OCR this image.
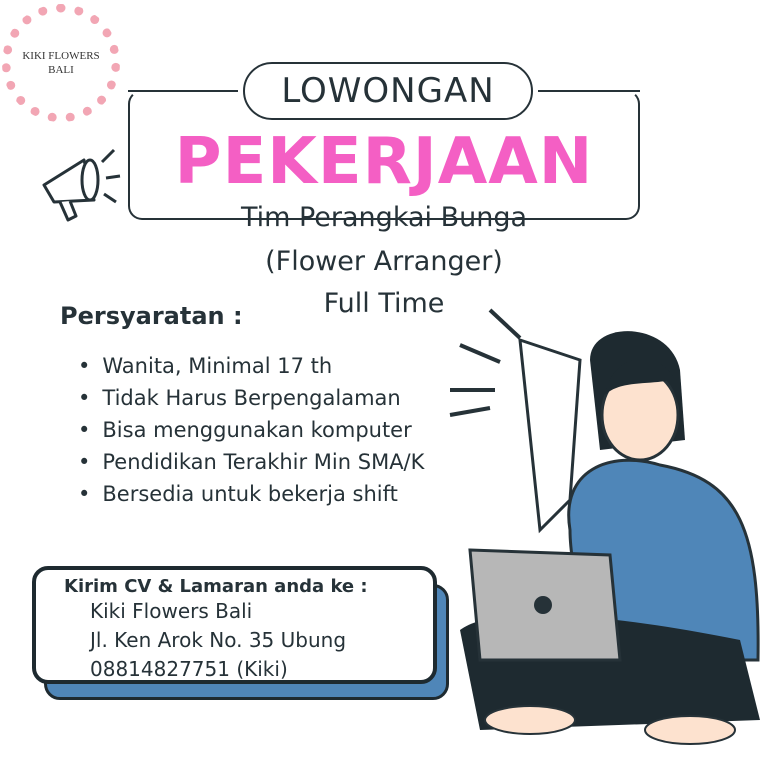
KIKI FLOWERS
BALI
LOWONGAN
PEKERJAAN
Tim Perangkai Bunga
(Flower Arranger)
Full Time
Persyaratan :
• Wanita, Minimal 17 th
• Tidak Harus Berpengalaman
• Bisa menggunakan komputer
• Pendidikan Terakhir Min SMA/K
• Bersedia untuk bekerja shift
Kirim CV & Lamaran anda ke :
Kiki Flowers Bali
Jl. Ken Arok No. 35 Ubung
08814827751 (Kiki)
